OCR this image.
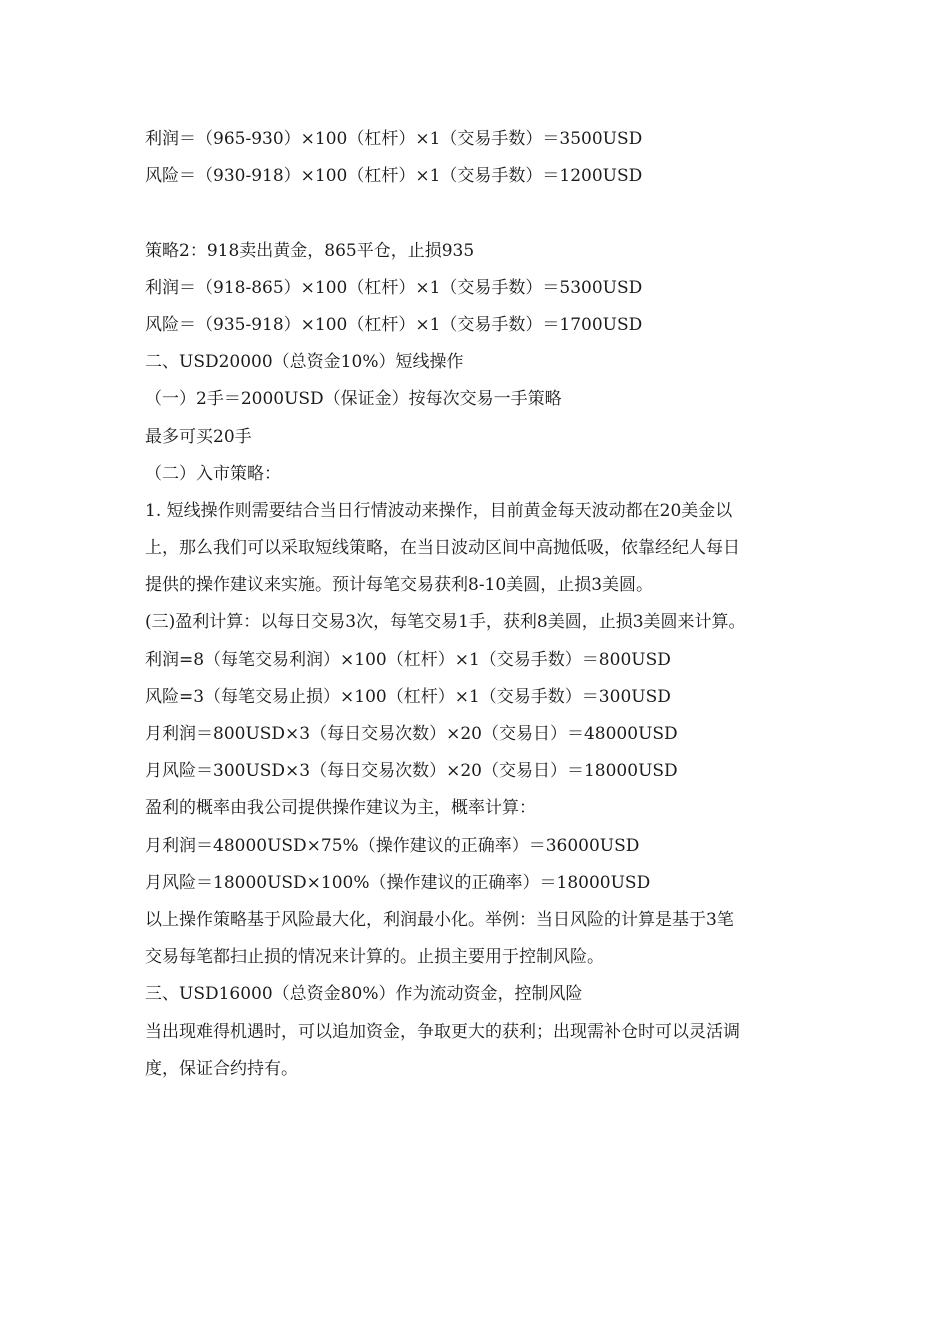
利润＝（965-930）×100（杠杆）×1（交易手数）＝3500USD
风险＝（930-918）×100（杠杆）×1（交易手数）＝1200USD
策略2：918卖出黄金，865平仓，止损935
利润＝（918-865）×100（杠杆）×1（交易手数）＝5300USD
风险＝（935-918）×100（杠杆）×1（交易手数）＝1700USD
二、USD20000（总资金10%）短线操作
（一）2手＝2000USD（保证金）按每次交易一手策略
最多可买20手
（二）入市策略：
1. 短线操作则需要结合当日行情波动来操作，目前黄金每天波动都在20美金以
上，那么我们可以采取短线策略，在当日波动区间中高抛低吸，依靠经纪人每日
提供的操作建议来实施。预计每笔交易获利8-10美圆，止损3美圆。
(三)盈利计算：以每日交易3次，每笔交易1手，获利8美圆，止损3美圆来计算。
利润=8（每笔交易利润）×100（杠杆）×1（交易手数）＝800USD
风险=3（每笔交易止损）×100（杠杆）×1（交易手数）＝300USD
月利润＝800USD×3（每日交易次数）×20（交易日）＝48000USD
月风险＝300USD×3（每日交易次数）×20（交易日）＝18000USD
盈利的概率由我公司提供操作建议为主，概率计算：
月利润＝48000USD×75%（操作建议的正确率）＝36000USD
月风险＝18000USD×100%（操作建议的正确率）＝18000USD
以上操作策略基于风险最大化，利润最小化。举例：当日风险的计算是基于3笔
交易每笔都扫止损的情况来计算的。止损主要用于控制风险。
三、USD16000（总资金80%）作为流动资金，控制风险
当出现难得机遇时，可以追加资金，争取更大的获利；出现需补仓时可以灵活调
度，保证合约持有。
